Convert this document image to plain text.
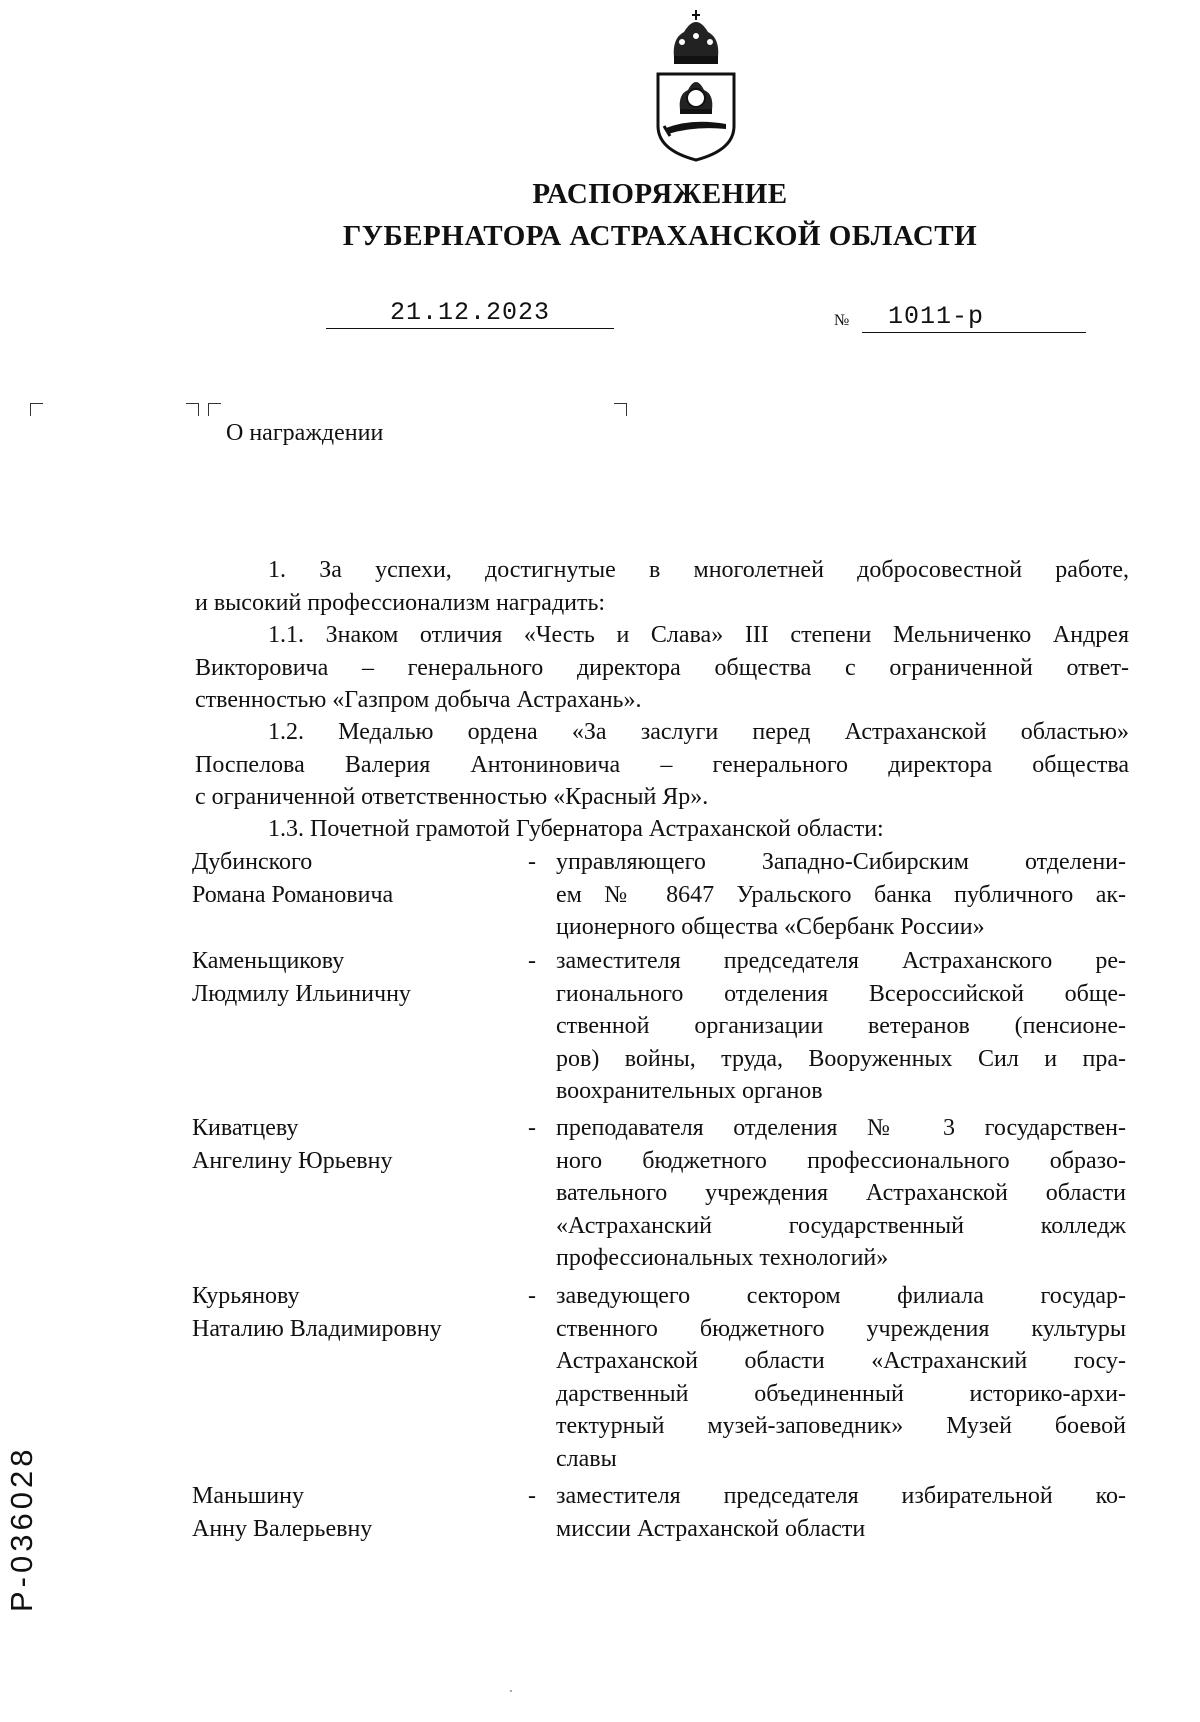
РАСПОРЯЖЕНИЕ
ГУБЕРНАТОРА АСТРАХАНСКОЙ ОБЛАСТИ
21.12.2023	№ 1011-р
О награждении
1. За успехи, достигнутые в многолетней добросовестной работе,
и высокий профессионализм наградить:
1.1. Знаком отличия «Честь и Слава» III степени Мельниченко Андрея
Викторовича – генерального директора общества с ограниченной ответ-
ственностью «Газпром добыча Астрахань».
1.2. Медалью ордена «За заслуги перед Астраханской областью»
Поспелова Валерия Антониновича – генерального директора общества
с ограниченной ответственностью «Красный Яр».
1.3. Почетной грамотой Губернатора Астраханской области:
Дубинского
Романа Романовича
- управляющего Западно-Сибирским отделени-
ем № 8647 Уральского банка публичного ак-
ционерного общества «Сбербанк России»
Каменьщикову
Людмилу Ильиничну
- заместителя председателя Астраханского ре-
гионального отделения Всероссийской обще-
ственной организации ветеранов (пенсионе-
ров) войны, труда, Вооруженных Сил и пра-
воохранительных органов
Киватцеву
Ангелину Юрьевну
- преподавателя отделения № 3 государствен-
ного бюджетного профессионального образо-
вательного учреждения Астраханской области
«Астраханский государственный колледж
профессиональных технологий»
Курьянову
Наталию Владимировну
- заведующего сектором филиала государ-
ственного бюджетного учреждения культуры
Астраханской области «Астраханский госу-
дарственный объединенный историко-архи-
тектурный музей-заповедник» Музей боевой
славы
Маньшину
Анну Валерьевну
- заместителя председателя избирательной ко-
миссии Астраханской области
Р-036028
